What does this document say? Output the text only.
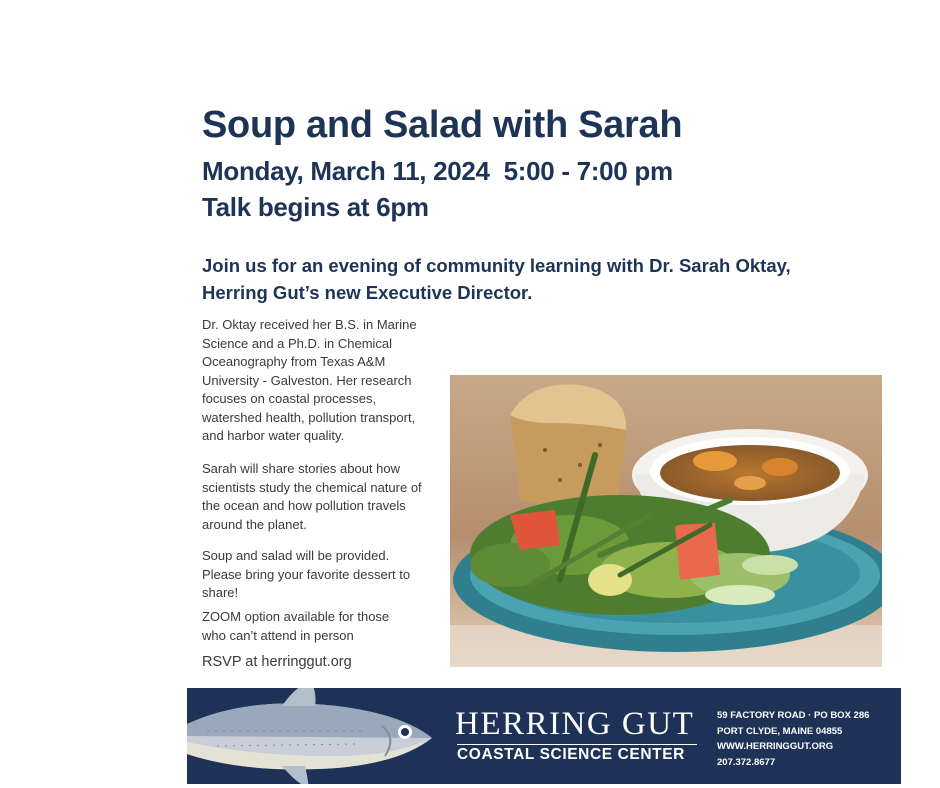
Soup and Salad with Sarah
Monday, March 11, 2024  5:00 - 7:00 pm
Talk begins at 6pm
Join us for an evening of community learning with Dr. Sarah Oktay,
Herring Gut’s new Executive Director.
Dr. Oktay received her B.S. in Marine
Science and a Ph.D. in Chemical
Oceanography from Texas A&M
University - Galveston. Her research
focuses on coastal processes,
watershed health, pollution transport,
and harbor water quality.
Sarah will share stories about how
scientists study the chemical nature of
the ocean and how pollution travels
around the planet.
Soup and salad will be provided.
Please bring your favorite dessert to
share!
ZOOM option available for those
who can’t attend in person
RSVP at herringgut.org
HERRING GUT
COASTAL SCIENCE CENTER
59 FACTORY ROAD · PO BOX 286
PORT CLYDE, MAINE 04855
WWW.HERRINGGUT.ORG
207.372.8677
